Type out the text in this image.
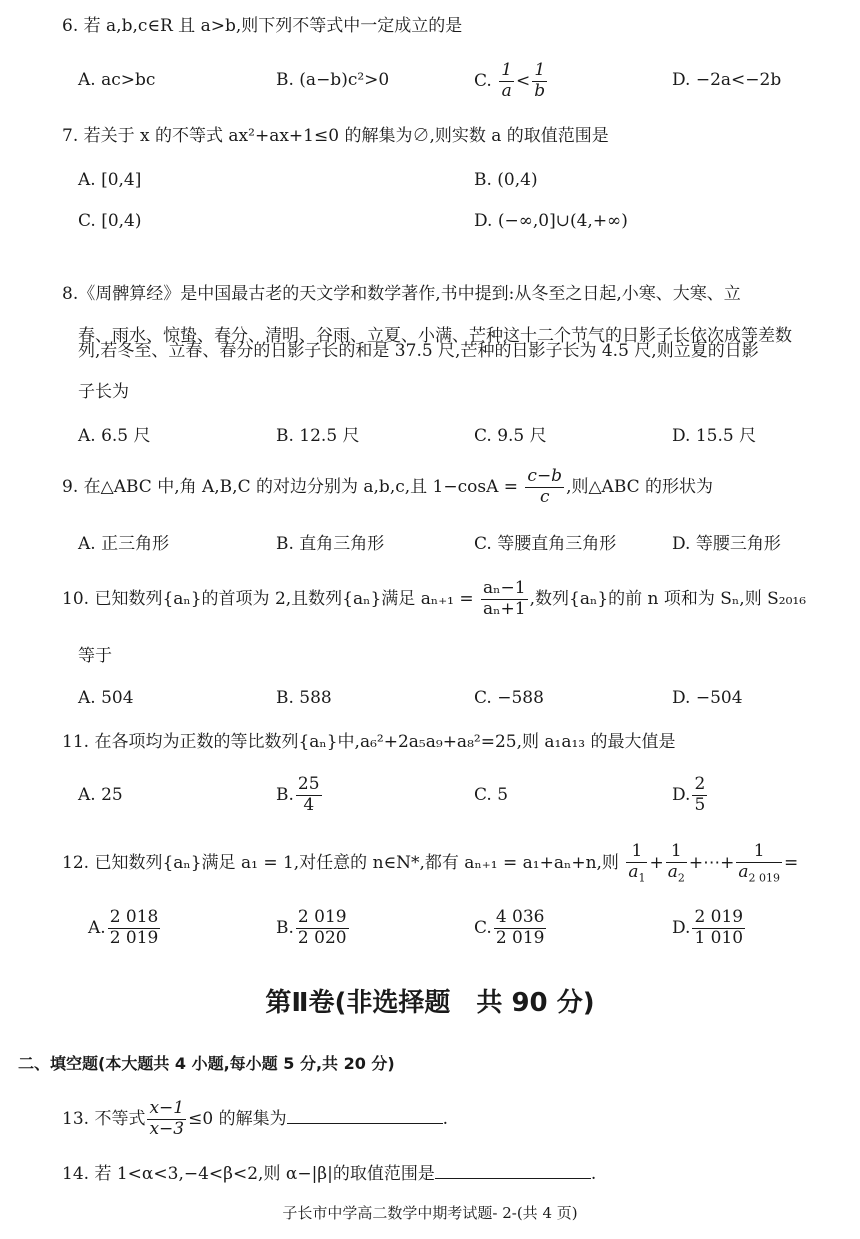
6. 若 a,b,c∈R 且 a>b,则下列不等式中一定成立的是
A. ac>bc	B. (a−b)c²>0	C. $\frac{1}{a} < \frac{1}{b}$	D. −2a<−2b
7. 若关于 x 的不等式 ax²+ax+1≤0 的解集为∅,则实数 a 的取值范围是
A. [0,4]	B. (0,4)
C. [0,4)	D. (−∞,0]∪(4,+∞)
8.《周髀算经》是中国最古老的天文学和数学著作,书中提到:从冬至之日起,小寒、大寒、立
春、雨水、惊蛰、春分、清明、谷雨、立夏、小满、芒种这十二个节气的日影子长依次成等差数
列,若冬至、立春、春分的日影子长的和是 37.5 尺,芒种的日影子长为 4.5 尺,则立夏的日影
子长为
A. 6.5 尺	B. 12.5 尺	C. 9.5 尺	D. 15.5 尺
9. 在△ABC 中,角 A,B,C 的对边分别为 a,b,c,且 $1-\cos A = \frac{c-b}{c}$ ,则△ABC 的形状为
A. 正三角形	B. 直角三角形	C. 等腰直角三角形	D. 等腰三角形
10. 已知数列{aₙ}的首项为 2,且数列{aₙ}满足 $a_{n+1} = \frac{\text{aₙ−1}}{\text{aₙ+1}}$ ,数列{aₙ}的前 n 项和为 Sₙ,则 S₂₀₁₆
等于
A. 504	B. 588	C. −588	D. −504
11. 在各项均为正数的等比数列{aₙ}中,a₆²+2a₅a₉+a₈²=25,则 a₁a₁₃ 的最大值是
A. 25	B. $\frac{25}{4}$	C. 5	D. $\frac{2}{5}$
12. 已知数列{aₙ}满足 a₁ = 1,对任意的 n∈N*,都有 aₙ₊₁ = a₁+aₙ+n,则 $\frac{1}{a_1} + \frac{1}{a_2}$ +⋯+ $\frac{1}{a_{2 019}}$ =
A. $\frac{2 018}{2 019}$	B. $\frac{2 019}{2 020}$	C. $\frac{4 036}{2 019}$	D. $\frac{2 019}{1 010}$
第Ⅱ卷(非选择题　共 90 分)
二、填空题(本大题共 4 小题,每小题 5 分,共 20 分)
13. 不等式 $\frac{x-1}{x-3} \le 0$ 的解集为	.
14. 若 1<α<3,−4<β<2,则 α−|β|的取值范围是	.
子长市中学高二数学中期考试题- 2-(共 4 页)
